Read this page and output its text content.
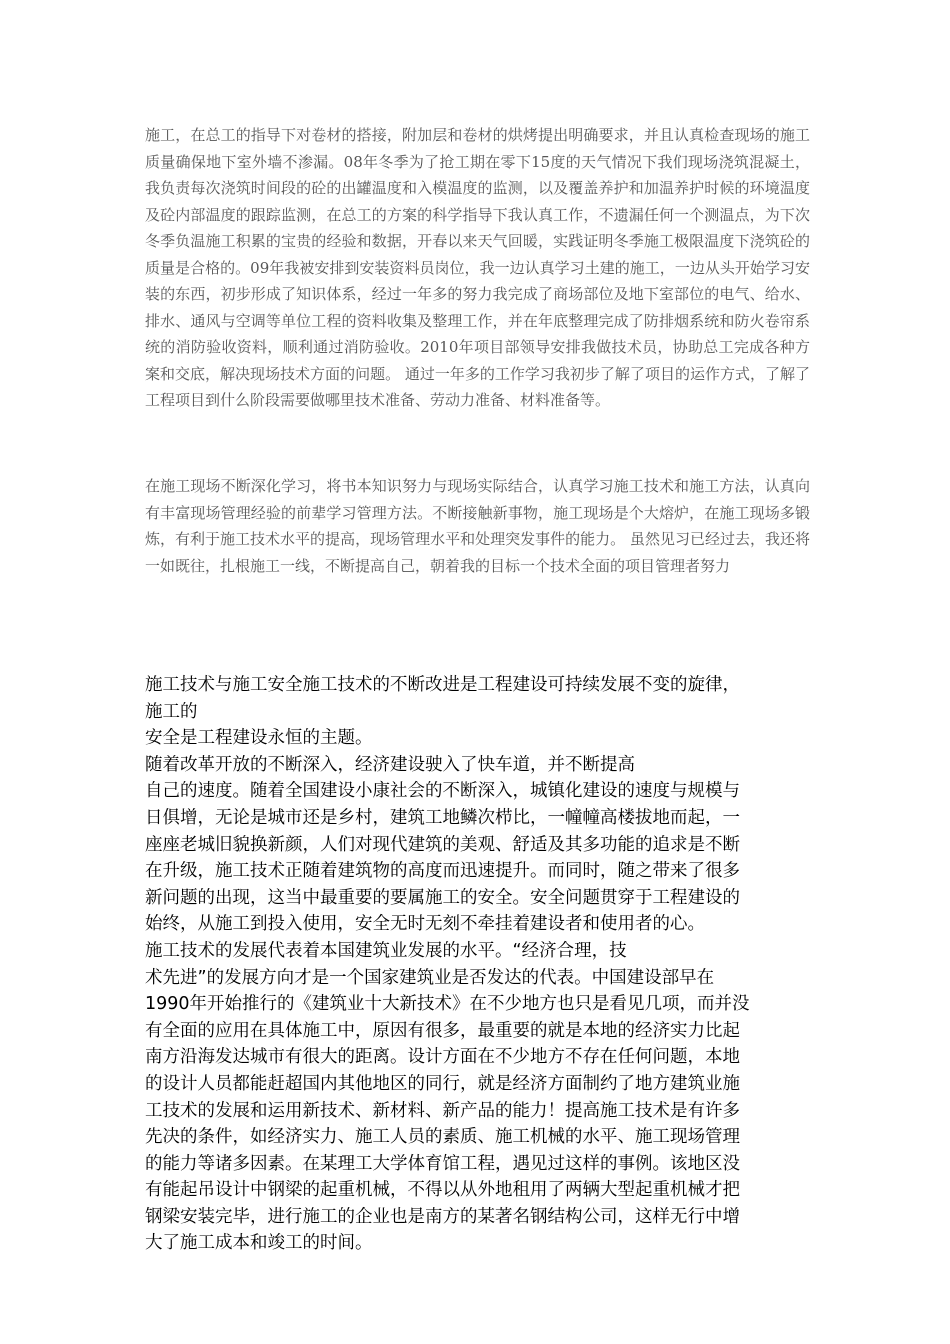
施工，在总工的指导下对卷材的搭接，附加层和卷材的烘烤提出明确要求，并且认真检查现场的施工质量确保地下室外墙不渗漏。08年冬季为了抢工期在零下15度的天气情况下我们现场浇筑混凝土，我负责每次浇筑时间段的砼的出罐温度和入模温度的监测，以及覆盖养护和加温养护时候的环境温度及砼内部温度的跟踪监测，在总工的方案的科学指导下我认真工作，不遗漏任何一个测温点，为下次冬季负温施工积累的宝贵的经验和数据，开春以来天气回暖，实践证明冬季施工极限温度下浇筑砼的质量是合格的。09年我被安排到安装资料员岗位，我一边认真学习土建的施工，一边从头开始学习安装的东西，初步形成了知识体系，经过一年多的努力我完成了商场部位及地下室部位的电气、给水、排水、通风与空调等单位工程的资料收集及整理工作，并在年底整理完成了防排烟系统和防火卷帘系统的消防验收资料，顺利通过消防验收。2010年项目部领导安排我做技术员，协助总工完成各种方案和交底，解决现场技术方面的问题。 通过一年多的工作学习我初步了解了项目的运作方式，了解了工程项目到什么阶段需要做哪里技术准备、劳动力准备、材料准备等。

在施工现场不断深化学习，将书本知识努力与现场实际结合，认真学习施工技术和施工方法，认真向有丰富现场管理经验的前辈学习管理方法。不断接触新事物，施工现场是个大熔炉，在施工现场多锻炼，有利于施工技术水平的提高，现场管理水平和处理突发事件的能力。 虽然见习已经过去，我还将一如既往，扎根施工一线，不断提高自己，朝着我的目标一个技术全面的项目管理者努力

施工技术与施工安全施工技术的不断改进是工程建设可持续发展不变的旋律，
施工的
安全是工程建设永恒的主题。
随着改革开放的不断深入，经济建设驶入了快车道，并不断提高
自己的速度。随着全国建设小康社会的不断深入，城镇化建设的速度与规模与
日俱增，无论是城市还是乡村，建筑工地鳞次栉比，一幢幢高楼拔地而起，一
座座老城旧貌换新颜，人们对现代建筑的美观、舒适及其多功能的追求是不断
在升级，施工技术正随着建筑物的高度而迅速提升。而同时，随之带来了很多
新问题的出现，这当中最重要的要属施工的安全。安全问题贯穿于工程建设的
始终，从施工到投入使用，安全无时无刻不牵挂着建设者和使用者的心。
施工技术的发展代表着本国建筑业发展的水平。“经济合理，技
术先进”的发展方向才是一个国家建筑业是否发达的代表。中国建设部早在
1990年开始推行的《建筑业十大新技术》在不少地方也只是看见几项，而并没
有全面的应用在具体施工中，原因有很多，最重要的就是本地的经济实力比起
南方沿海发达城市有很大的距离。设计方面在不少地方不存在任何问题，本地
的设计人员都能赶超国内其他地区的同行，就是经济方面制约了地方建筑业施
工技术的发展和运用新技术、新材料、新产品的能力！提高施工技术是有许多
先决的条件，如经济实力、施工人员的素质、施工机械的水平、施工现场管理
的能力等诸多因素。在某理工大学体育馆工程，遇见过这样的事例。该地区没
有能起吊设计中钢梁的起重机械，不得以从外地租用了两辆大型起重机械才把
钢梁安装完毕，进行施工的企业也是南方的某著名钢结构公司，这样无行中增
大了施工成本和竣工的时间。
